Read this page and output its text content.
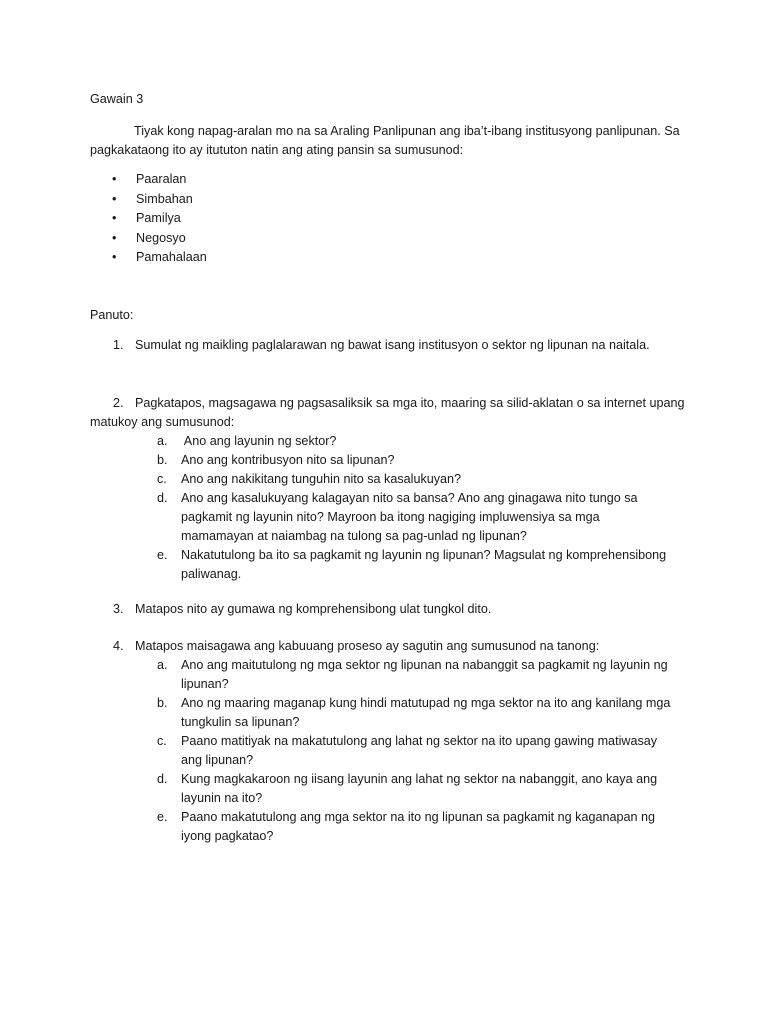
Gawain 3
Tiyak kong napag-aralan mo na sa Araling Panlipunan ang iba’t-ibang institusyong panlipunan. Sa
pagkakataong ito ay itututon natin ang ating pansin sa sumusunod:
• Paaralan
• Simbahan
• Pamilya
• Negosyo
• Pamahalaan
Panuto:
1. Sumulat ng maikling paglalarawan ng bawat isang institusyon o sektor ng lipunan na naitala.
2. Pagkatapos, magsagawa ng pagsasaliksik sa mga ito, maaring sa silid-aklatan o sa internet upang
matukoy ang sumusunod:
a. Ano ang layunin ng sektor?
b. Ano ang kontribusyon nito sa lipunan?
c. Ano ang nakikitang tunguhin nito sa kasalukuyan?
d. Ano ang kasalukuyang kalagayan nito sa bansa? Ano ang ginagawa nito tungo sa
pagkamit ng layunin nito? Mayroon ba itong nagiging impluwensiya sa mga
mamamayan at naiambag na tulong sa pag-unlad ng lipunan?
e. Nakatutulong ba ito sa pagkamit ng layunin ng lipunan? Magsulat ng komprehensibong
paliwanag.
3. Matapos nito ay gumawa ng komprehensibong ulat tungkol dito.
4. Matapos maisagawa ang kabuuang proseso ay sagutin ang sumusunod na tanong:
a. Ano ang maitutulong ng mga sektor ng lipunan na nabanggit sa pagkamit ng layunin ng
lipunan?
b. Ano ng maaring maganap kung hindi matutupad ng mga sektor na ito ang kanilang mga
tungkulin sa lipunan?
c. Paano matitiyak na makatutulong ang lahat ng sektor na ito upang gawing matiwasay
ang lipunan?
d. Kung magkakaroon ng iisang layunin ang lahat ng sektor na nabanggit, ano kaya ang
layunin na ito?
e. Paano makatutulong ang mga sektor na ito ng lipunan sa pagkamit ng kaganapan ng
iyong pagkatao?
